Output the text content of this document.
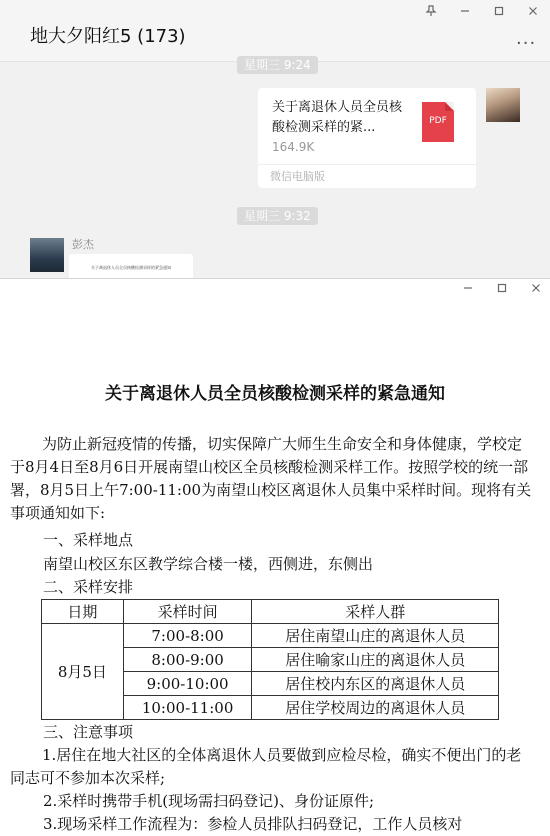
地大夕阳红5 (173)	...
星期三 9:24
关于离退休人员全员核酸检测采样的紧...	PDF
164.9K
微信电脑版
星期三 9:32
彭杰
关于离退休人员全员核酸检测采样的紧急通知
关于离退休人员全员核酸检测采样的紧急通知
为防止新冠疫情的传播，切实保障广大师生生命安全和身体健康，学校定于8月4日至8月6日开展南望山校区全员核酸检测采样工作。按照学校的统一部署，8月5日上午7:00-11:00为南望山校区离退休人员集中采样时间。现将有关事项通知如下:
一、采样地点
南望山校区东区教学综合楼一楼，西侧进，东侧出
二、采样安排
日期	采样时间	采样人群
8月5日	7:00-8:00	居住南望山庄的离退休人员
	8:00-9:00	居住喻家山庄的离退休人员
	9:00-10:00	居住校内东区的离退休人员
	10:00-11:00	居住学校周边的离退休人员
三、注意事项
1.居住在地大社区的全体离退休人员要做到应检尽检，确实不便出门的老同志可不参加本次采样;
2.采样时携带手机(现场需扫码登记)、身份证原件;
3.现场采样工作流程为：参检人员排队扫码登记，工作人员核对
